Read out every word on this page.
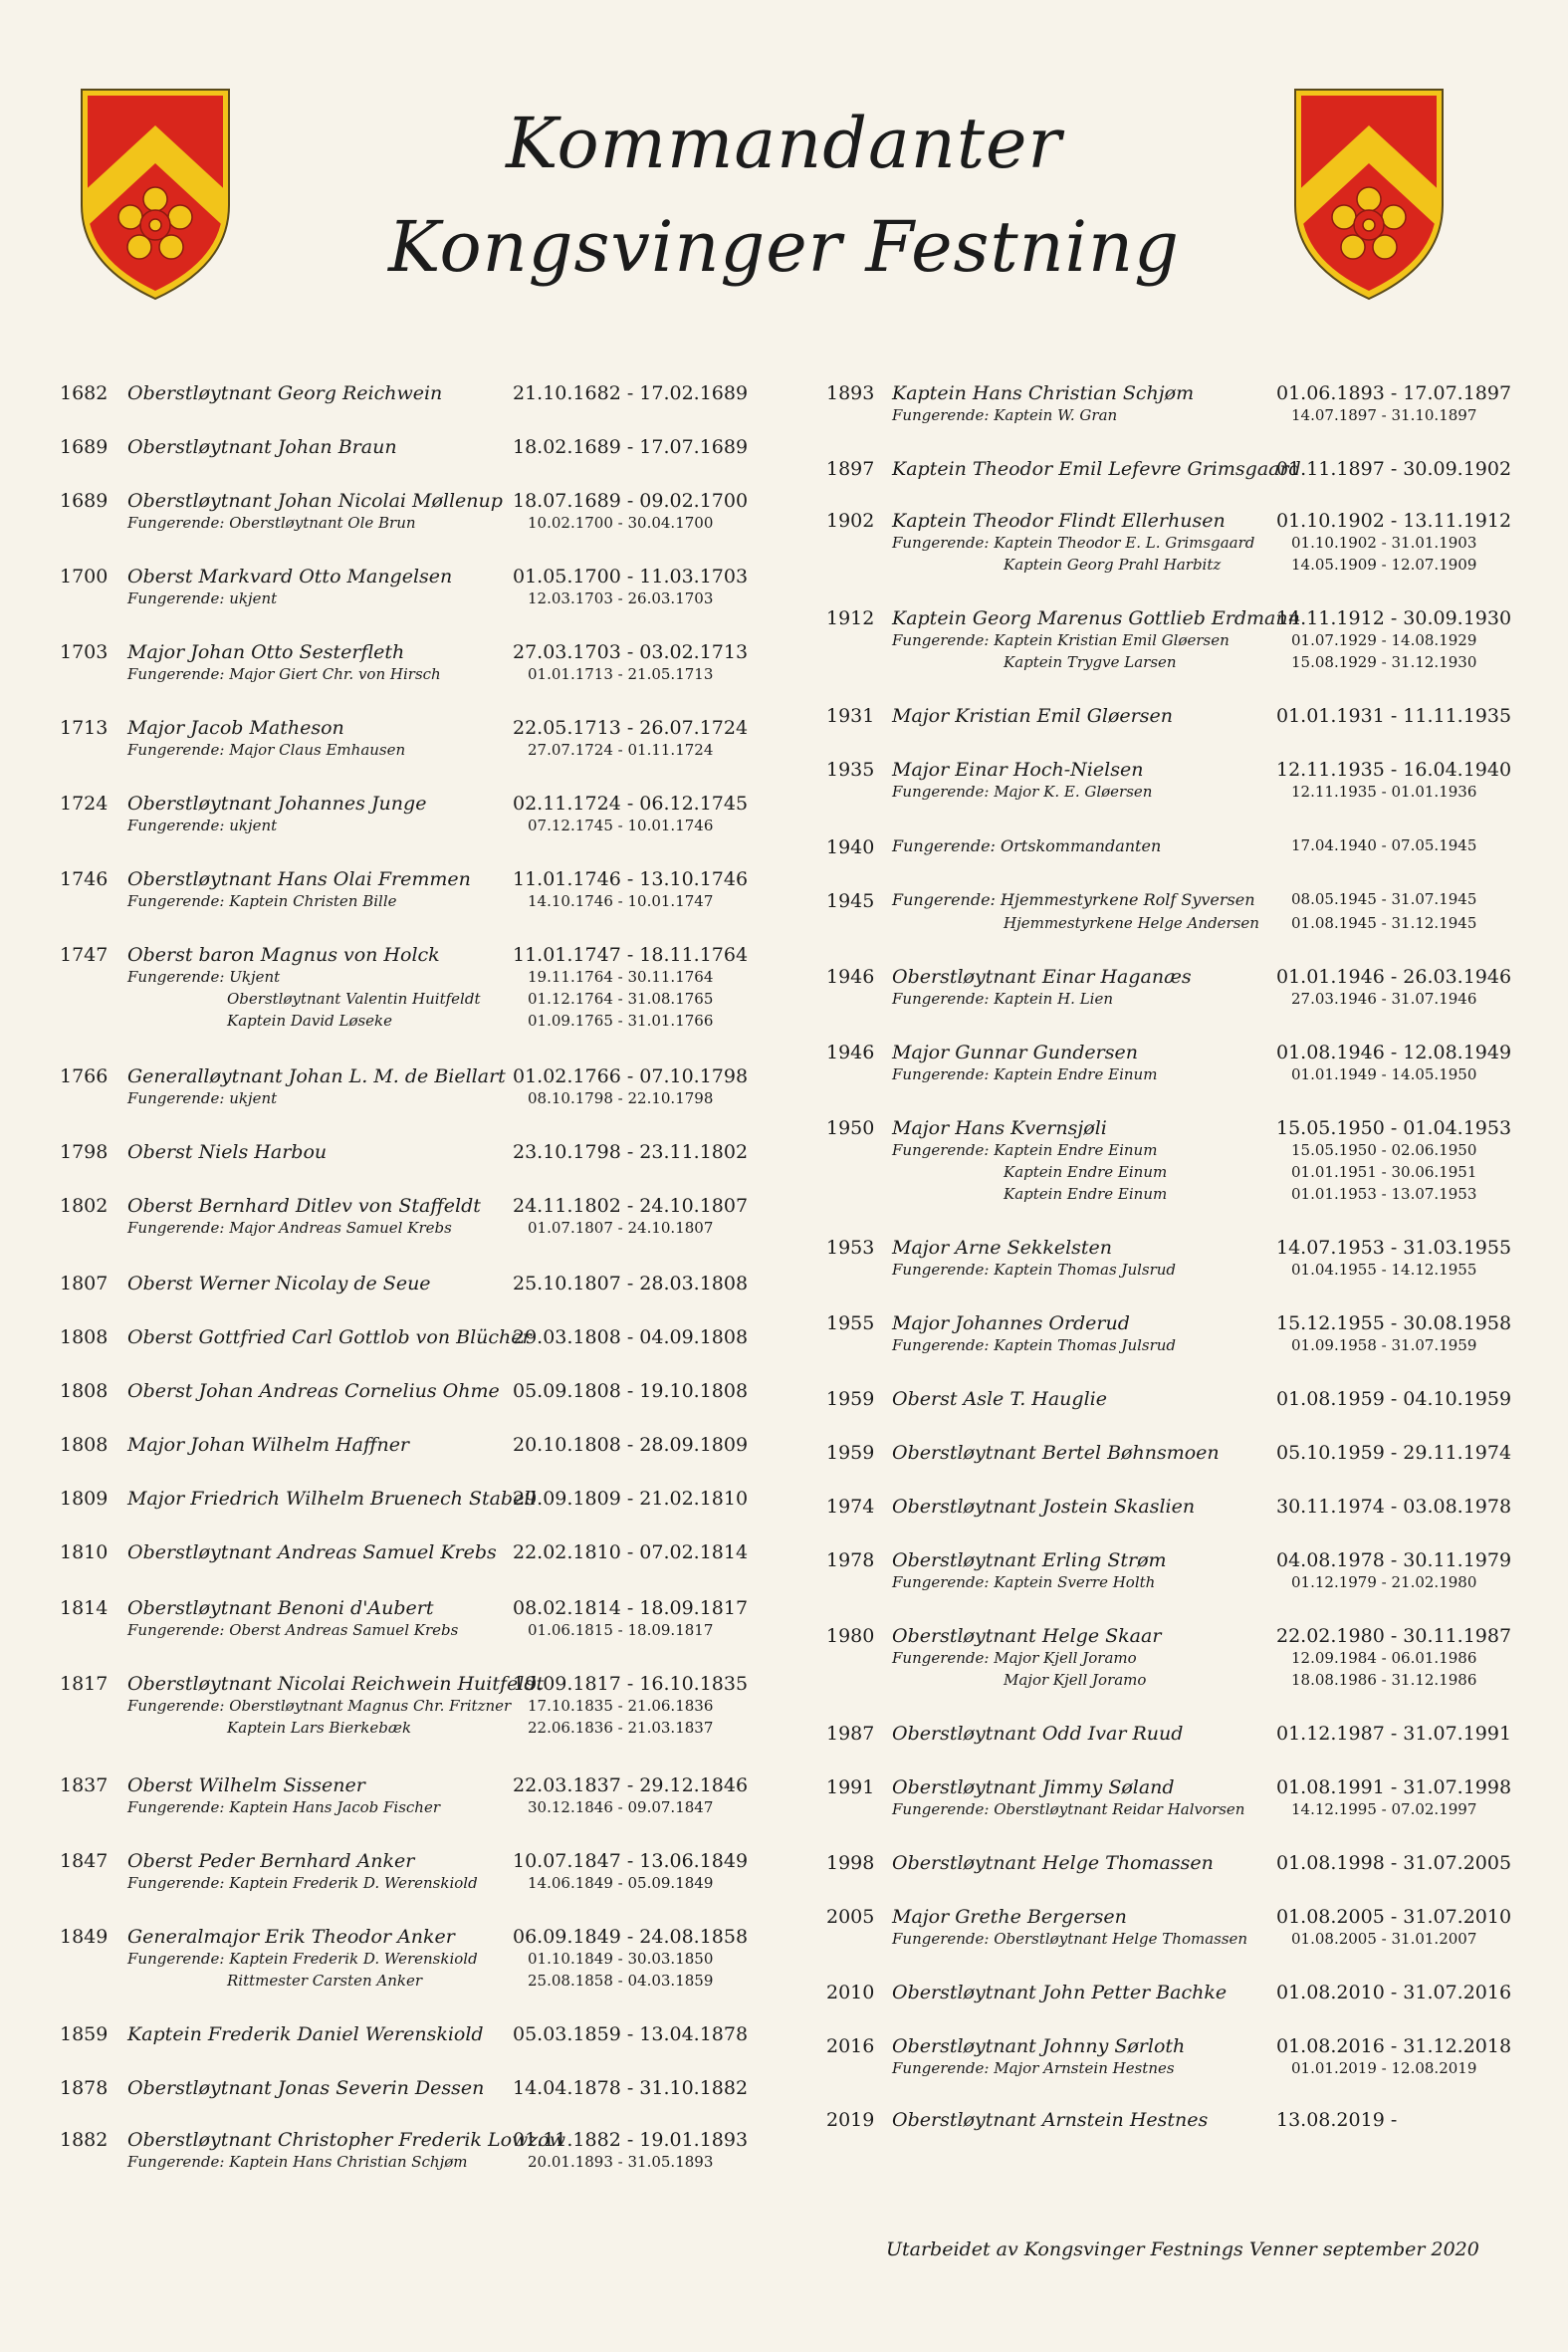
Kommandanter
Kongsvinger Festning
1682 Oberstløytnant Georg Reichwein	21.10.1682 - 17.02.1689
1689 Oberstløytnant Johan Braun	18.02.1689 - 17.07.1689
1689 Oberstløytnant Johan Nicolai Møllenup 18.07.1689 - 09.02.1700
Fungerende: Oberstløytnant Ole Brun	10.02.1700 - 30.04.1700
1700 Oberst Markvard Otto Mangelsen	01.05.1700 - 11.03.1703
Fungerende: ukjent	12.03.1703 - 26.03.1703
1703 Major Johan Otto Sesterfleth	27.03.1703 - 03.02.1713
Fungerende: Major Giert Chr. von Hirsch	01.01.1713 - 21.05.1713
1713 Major Jacob Matheson	22.05.1713 - 26.07.1724
Fungerende: Major Claus Emhausen	27.07.1724 - 01.11.1724
1724 Oberstløytnant Johannes Junge	02.11.1724 - 06.12.1745
Fungerende: ukjent	07.12.1745 - 10.01.1746
1746 Oberstløytnant Hans Olai Fremmen 11.01.1746 - 13.10.1746
Fungerende: Kaptein Christen Bille	14.10.1746 - 10.01.1747
1747 Oberst baron Magnus von Holck	11.01.1747 - 18.11.1764
Fungerende: Ukjent	19.11.1764 - 30.11.1764
Oberstløytnant Valentin Huitfeldt	01.12.1764 - 31.08.1765
Kaptein David Løseke	01.09.1765 - 31.01.1766
1766 Generalløytnant Johan L. M. de Biellart 01.02.1766 - 07.10.1798
Fungerende: ukjent	08.10.1798 - 22.10.1798
1798 Oberst Niels Harbou	23.10.1798 - 23.11.1802
1802 Oberst Bernhard Ditlev von Staffeldt 24.11.1802 - 24.10.1807
Fungerende: Major Andreas Samuel Krebs	01.07.1807 - 24.10.1807
1807 Oberst Werner Nicolay de Seue	25.10.1807 - 28.03.1808
1808 Oberst Gottfried Carl Gottlob von Blücher
29.03.1808 - 04.09.1808
1808 Oberst Johan Andreas Cornelius Ohme 05.09.1808 - 19.10.1808
1808 Major Johan Wilhelm Haffner	20.10.1808 - 28.09.1809
1809 Major Friedrich Wilhelm Bruenech Stabell
29.09.1809 - 21.02.1810
1810 Oberstløytnant Andreas Samuel Krebs 22.02.1810 - 07.02.1814
1814 Oberstløytnant Benoni d'Aubert	08.02.1814 - 18.09.1817
Fungerende: Oberst Andreas Samuel Krebs	01.06.1815 - 18.09.1817
1817 Oberstløytnant Nicolai Reichwein Huitfeldt
19.09.1817 - 16.10.1835
Fungerende: Oberstløytnant Magnus Chr. Fritzner 17.10.1835 - 21.06.1836
Kaptein Lars Bierkebæk	22.06.1836 - 21.03.1837
1837 Oberst Wilhelm Sissener	22.03.1837 - 29.12.1846
Fungerende: Kaptein Hans Jacob Fischer	30.12.1846 - 09.07.1847
1847 Oberst Peder Bernhard Anker	10.07.1847 - 13.06.1849
Fungerende: Kaptein Frederik D. Werenskiold	14.06.1849 - 05.09.1849
1849 Generalmajor Erik Theodor Anker	06.09.1849 - 24.08.1858
Fungerende: Kaptein Frederik D. Werenskiold	01.10.1849 - 30.03.1850
Rittmester Carsten Anker	25.08.1858 - 04.03.1859
1859 Kaptein Frederik Daniel Werenskiold 05.03.1859 - 13.04.1878
1878 Oberstløytnant Jonas Severin Dessen 14.04.1878 - 31.10.1882
1882 Oberstløytnant Christopher Frederik Lowzow
01.11.1882 - 19.01.1893
Fungerende: Kaptein Hans Christian Schjøm	20.01.1893 - 31.05.1893
1893 Kaptein Hans Christian Schjøm	01.06.1893 - 17.07.1897
Fungerende: Kaptein W. Gran	14.07.1897 - 31.10.1897
1897 Kaptein Theodor Emil Lefevre Grimsgaard
01.11.1897 - 30.09.1902
1902 Kaptein Theodor Flindt Ellerhusen	01.10.1902 - 13.11.1912
Fungerende: Kaptein Theodor E. L. Grimsgaard 01.10.1902 - 31.01.1903
Kaptein Georg Prahl Harbitz	14.05.1909 - 12.07.1909
1912 Kaptein Georg Marenus Gottlieb Erdmann
14.11.1912 - 30.09.1930
Fungerende: Kaptein Kristian Emil Gløersen	01.07.1929 - 14.08.1929
Kaptein Trygve Larsen	15.08.1929 - 31.12.1930
1931 Major Kristian Emil Gløersen	01.01.1931 - 11.11.1935
1935 Major Einar Hoch-Nielsen	12.11.1935 - 16.04.1940
Fungerende: Major K. E. Gløersen	12.11.1935 - 01.01.1936
1940 Fungerende: Ortskommandanten	17.04.1940 - 07.05.1945
1945 Fungerende: Hjemmestyrkene Rolf Syversen 08.05.1945 - 31.07.1945
Hjemmestyrkene Helge Andersen 01.08.1945 - 31.12.1945
1946 Oberstløytnant Einar Haganæs	01.01.1946 - 26.03.1946
Fungerende: Kaptein H. Lien	27.03.1946 - 31.07.1946
1946 Major Gunnar Gundersen	01.08.1946 - 12.08.1949
Fungerende: Kaptein Endre Einum	01.01.1949 - 14.05.1950
1950 Major Hans Kvernsjøli	15.05.1950 - 01.04.1953
Fungerende: Kaptein Endre Einum	15.05.1950 - 02.06.1950
Kaptein Endre Einum	01.01.1951 - 30.06.1951
Kaptein Endre Einum	01.01.1953 - 13.07.1953
1953 Major Arne Sekkelsten	14.07.1953 - 31.03.1955
Fungerende: Kaptein Thomas Julsrud	01.04.1955 - 14.12.1955
1955 Major Johannes Orderud	15.12.1955 - 30.08.1958
Fungerende: Kaptein Thomas Julsrud	01.09.1958 - 31.07.1959
1959 Oberst Asle T. Hauglie	01.08.1959 - 04.10.1959
1959 Oberstløytnant Bertel Bøhnsmoen	05.10.1959 - 29.11.1974
1974 Oberstløytnant Jostein Skaslien	30.11.1974 - 03.08.1978
1978 Oberstløytnant Erling Strøm	04.08.1978 - 30.11.1979
Fungerende: Kaptein Sverre Holth	01.12.1979 - 21.02.1980
1980 Oberstløytnant Helge Skaar	22.02.1980 - 30.11.1987
Fungerende: Major Kjell Joramo	12.09.1984 - 06.01.1986
Major Kjell Joramo	18.08.1986 - 31.12.1986
1987 Oberstløytnant Odd Ivar Ruud	01.12.1987 - 31.07.1991
1991 Oberstløytnant Jimmy Søland	01.08.1991 - 31.07.1998
Fungerende: Oberstløytnant Reidar Halvorsen	14.12.1995 - 07.02.1997
1998 Oberstløytnant Helge Thomassen	01.08.1998 - 31.07.2005
2005 Major Grethe Bergersen	01.08.2005 - 31.07.2010
Fungerende: Oberstløytnant Helge Thomassen	01.08.2005 - 31.01.2007
2010 Oberstløytnant John Petter Bachke	01.08.2010 - 31.07.2016
2016 Oberstløytnant Johnny Sørloth	01.08.2016 - 31.12.2018
Fungerende: Major Arnstein Hestnes	01.01.2019 - 12.08.2019
2019 Oberstløytnant Arnstein Hestnes	13.08.2019 -
Utarbeidet av Kongsvinger Festnings Venner september 2020
